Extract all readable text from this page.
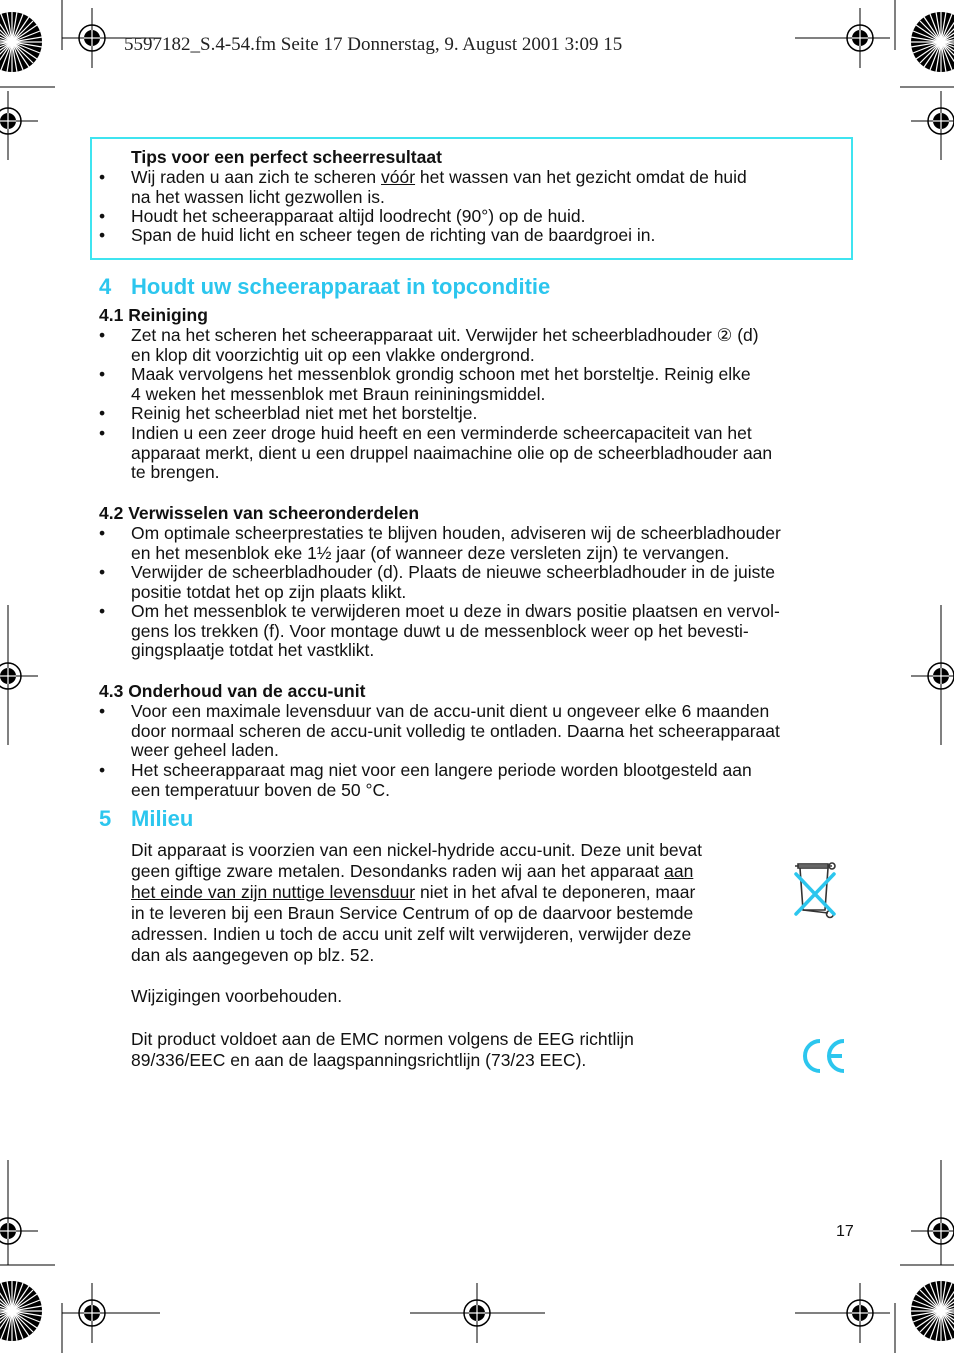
5597182_S.4-54.fm Seite 17 Donnerstag, 9. August 2001 3:09 15
Tips voor een perfect scheerresultaat
• Wij raden u aan zich te scheren vóór het wassen van het gezicht omdat de huid
na het wassen licht gezwollen is.
• Houdt het scheerapparaat altijd loodrecht (90°) op de huid.
• Span de huid licht en scheer tegen de richting van de baardgroei in.
4 Houdt uw scheerapparaat in topconditie
4.1 Reiniging
• Zet na het scheren het scheerapparaat uit. Verwijder het scheerbladhouder ② (d)
en klop dit voorzichtig uit op een vlakke ondergrond.
• Maak vervolgens het messenblok grondig schoon met het borsteltje. Reinig elke
4 weken het messenblok met Braun reininingsmiddel.
• Reinig het scheerblad niet met het borsteltje.
• Indien u een zeer droge huid heeft en een verminderde scheercapaciteit van het
apparaat merkt, dient u een druppel naaimachine olie op de scheerbladhouder aan
te brengen.
4.2 Verwisselen van scheeronderdelen
• Om optimale scheerprestaties te blijven houden, adviseren wij de scheerbladhouder
en het mesenblok eke 1½ jaar (of wanneer deze versleten zijn) te vervangen.
• Verwijder de scheerbladhouder (d). Plaats de nieuwe scheerbladhouder in de juiste
positie totdat het op zijn plaats klikt.
• Om het messenblok te verwijderen moet u deze in dwars positie plaatsen en vervol-
gens los trekken (f). Voor montage duwt u de messenblock weer op het bevesti-
gingsplaatje totdat het vastklikt.
4.3 Onderhoud van de accu-unit
• Voor een maximale levensduur van de accu-unit dient u ongeveer elke 6 maanden
door normaal scheren de accu-unit volledig te ontladen. Daarna het scheerapparaat
weer geheel laden.
• Het scheerapparaat mag niet voor een langere periode worden blootgesteld aan
een temperatuur boven de 50 °C.
5 Milieu
Dit apparaat is voorzien van een nickel-hydride accu-unit. Deze unit bevat
geen giftige zware metalen. Desondanks raden wij aan het apparaat aan
het einde van zijn nuttige levensduur niet in het afval te deponeren, maar
in te leveren bij een Braun Service Centrum of op de daarvoor bestemde
adressen. Indien u toch de accu unit zelf wilt verwijderen, verwijder deze
dan als aangegeven op blz. 52.
Wijzigingen voorbehouden.
Dit product voldoet aan de EMC normen volgens de EEG richtlijn
89/336/EEC en aan de laagspanningsrichtlijn (73/23 EEC).
17
